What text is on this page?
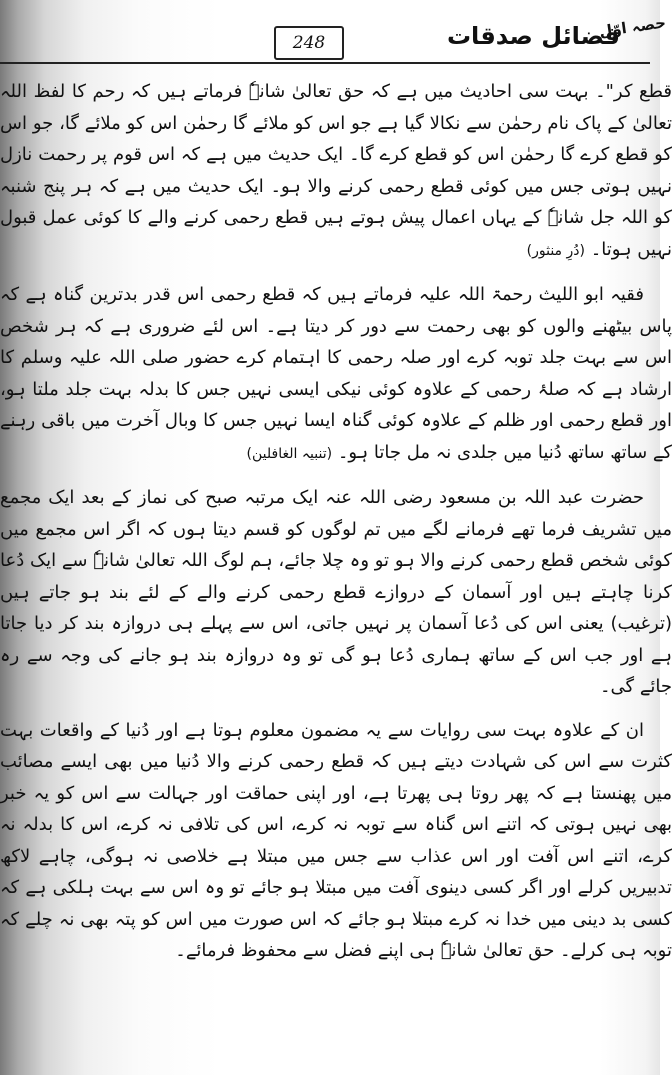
فضائل صدقات
248
حصہ اوّل

قطع کر"۔ بہت سی احادیث میں ہے کہ حق تعالیٰ شانہٗ فرماتے ہیں کہ رحم کا لفظ اللہ تعالیٰ کے پاک نام رحمٰن سے نکالا گیا ہے جو اس کو ملائے گا رحمٰن اس کو ملائے گا، جو اس کو قطع کرے گا رحمٰن اس کو قطع کرے گا۔ ایک حدیث میں ہے کہ اس قوم پر رحمت نازل نہیں ہوتی جس میں کوئی قطع رحمی کرنے والا ہو۔ ایک حدیث میں ہے کہ ہر پنج شنبہ کو اللہ جل شانہٗ کے یہاں اعمال پیش ہوتے ہیں قطع رحمی کرنے والے کا کوئی عمل قبول نہیں ہوتا۔ (دُرِ منثور)

فقیہ ابو اللیث رحمۃ اللہ علیہ فرماتے ہیں کہ قطع رحمی اس قدر بدترین گناہ ہے کہ پاس بیٹھنے والوں کو بھی رحمت سے دور کر دیتا ہے۔ اس لئے ضروری ہے کہ ہر شخص اس سے بہت جلد توبہ کرے اور صلہ رحمی کا اہتمام کرے حضور صلی اللہ علیہ وسلم کا ارشاد ہے کہ صلۂ رحمی کے علاوہ کوئی نیکی ایسی نہیں جس کا بدلہ بہت جلد ملتا ہو، اور قطع رحمی اور ظلم کے علاوہ کوئی گناہ ایسا نہیں جس کا وبال آخرت میں باقی رہنے کے ساتھ ساتھ دُنیا میں جلدی نہ مل جاتا ہو۔ (تنبیہ الغافلین)

حضرت عبد اللہ بن مسعود رضی اللہ عنہ ایک مرتبہ صبح کی نماز کے بعد ایک مجمع میں تشریف فرما تھے فرمانے لگے میں تم لوگوں کو قسم دیتا ہوں کہ اگر اس مجمع میں کوئی شخص قطع رحمی کرنے والا ہو تو وہ چلا جائے، ہم لوگ اللہ تعالیٰ شانہٗ سے ایک دُعا کرنا چاہتے ہیں اور آسمان کے دروازے قطع رحمی کرنے والے کے لئے بند ہو جاتے ہیں (ترغیب) یعنی اس کی دُعا آسمان پر نہیں جاتی، اس سے پہلے ہی دروازہ بند کر دیا جاتا ہے اور جب اس کے ساتھ ہماری دُعا ہو گی تو وہ دروازہ بند ہو جانے کی وجہ سے رہ جائے گی۔

ان کے علاوہ بہت سی روایات سے یہ مضمون معلوم ہوتا ہے اور دُنیا کے واقعات بہت کثرت سے اس کی شہادت دیتے ہیں کہ قطع رحمی کرنے والا دُنیا میں بھی ایسے مصائب میں پھنستا ہے کہ پھر روتا ہی پھرتا ہے، اور اپنی حماقت اور جہالت سے اس کو یہ خبر بھی نہیں ہوتی کہ اتنے اس گناہ سے توبہ نہ کرے، اس کی تلافی نہ کرے، اس کا بدلہ نہ کرے، اتنے اس آفت اور اس عذاب سے جس میں مبتلا ہے خلاصی نہ ہوگی، چاہے لاکھ تدبیریں کرلے اور اگر کسی دینوی آفت میں مبتلا ہو جائے تو وہ اس سے بہت ہلکی ہے کہ کسی بد دینی میں خدا نہ کرے مبتلا ہو جائے کہ اس صورت میں اس کو پتہ بھی نہ چلے کہ توبہ ہی کرلے۔ حق تعالیٰ شانہٗ ہی اپنے فضل سے محفوظ فرمائے۔
